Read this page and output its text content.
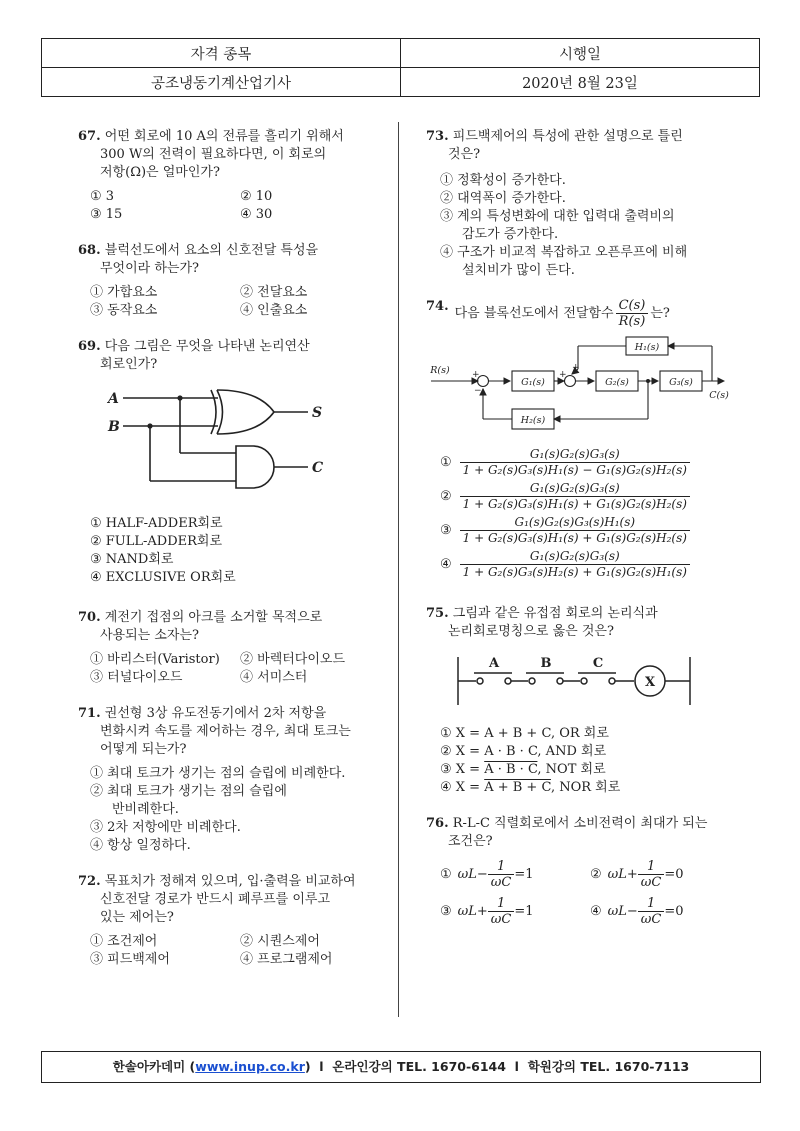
자격 종목	시행일
공조냉동기계산업기사	2020년 8월 23일
67. 어떤 회로에 10 A의 전류를 흘리기 위해서
300 W의 전력이 필요하다면, 이 회로의
저항(Ω)은 얼마인가?
① 3	② 10
③ 15	④ 30
68. 블럭선도에서 요소의 신호전달 특성을
무엇이라 하는가?
① 가합요소	② 전달요소
③ 동작요소	④ 인출요소
69. 다음 그림은 무엇을 나타낸 논리연산
회로인가?
A
B
S
C
① HALF-ADDER회로
② FULL-ADDER회로
③ NAND회로
④ EXCLUSIVE OR회로
70. 계전기 접점의 아크를 소거할 목적으로
사용되는 소자는?
① 바리스터(Varistor)	② 바렉터다이오드
③ 터널다이오드	④ 서미스터
71. 권선형 3상 유도전동기에서 2차 저항을
변화시켜 속도를 제어하는 경우, 최대 토크는
어떻게 되는가?
① 최대 토크가 생기는 점의 슬립에 비례한다.
② 최대 토크가 생기는 점의 슬립에
반비례한다.
③ 2차 저항에만 비례한다.
④ 항상 일정하다.
72. 목표치가 정해져 있으며, 입·출력을 비교하여
신호전달 경로가 반드시 폐루프를 이루고
있는 제어는?
① 조건제어	② 시퀀스제어
③ 피드백제어	④ 프로그램제어
73. 피드백제어의 특성에 관한 설명으로 틀린
것은?
① 정확성이 증가한다.
② 대역폭이 증가한다.
③ 계의 특성변화에 대한 입력대 출력비의
감도가 증가한다.
④ 구조가 비교적 복잡하고 오픈루프에 비해
설치비가 많이 든다.
74. 다음 블록선도에서 전달함수 $\frac{C(s)}{R(s)}$ 는?
R(s)
C(s)
G₁(s)	G₂(s)	G₃(s)
H₁(s)
H₂(s)
+
−
+
+
① $\frac{\text{G₁(s)G₂(s)G₃(s)}}{\text{1 + G₂(s)G₃(s)H₁(s) − G₁(s)G₂(s)H₂(s)}}$
② $\frac{\text{G₁(s)G₂(s)G₃(s)}}{\text{1 + G₂(s)G₃(s)H₁(s) + G₁(s)G₂(s)H₂(s)}}$
③ $\frac{\text{G₁(s)G₂(s)G₃(s)H₁(s)}}{\text{1 + G₂(s)G₃(s)H₁(s) + G₁(s)G₂(s)H₂(s)}}$
④ $\frac{\text{G₁(s)G₂(s)G₃(s)}}{\text{1 + G₂(s)G₃(s)H₂(s) + G₁(s)G₂(s)H₁(s)}}$
75. 그림과 같은 유접점 회로의 논리식과
논리회로명칭으로 옳은 것은?
A	B	C
X
① X = A + B + C, OR 회로
② X = A · B · C, AND 회로
③ X = A · B · C, NOT 회로
④ X = A + B + C, NOR 회로
76. R-L-C 직렬회로에서 소비전력이 최대가 되는
조건은?
① $\omega L- \frac{1}{\omega C} =1$	② $\omega L+ \frac{1}{\omega C} =0$
③ $\omega L+ \frac{1}{\omega C} =1$	④ $\omega L- \frac{1}{\omega C} =0$
한솔아카데미 (www.inup.co.kr)  l 온라인강의 TEL. 1670-6144 l 학원강의 TEL. 1670-7113
